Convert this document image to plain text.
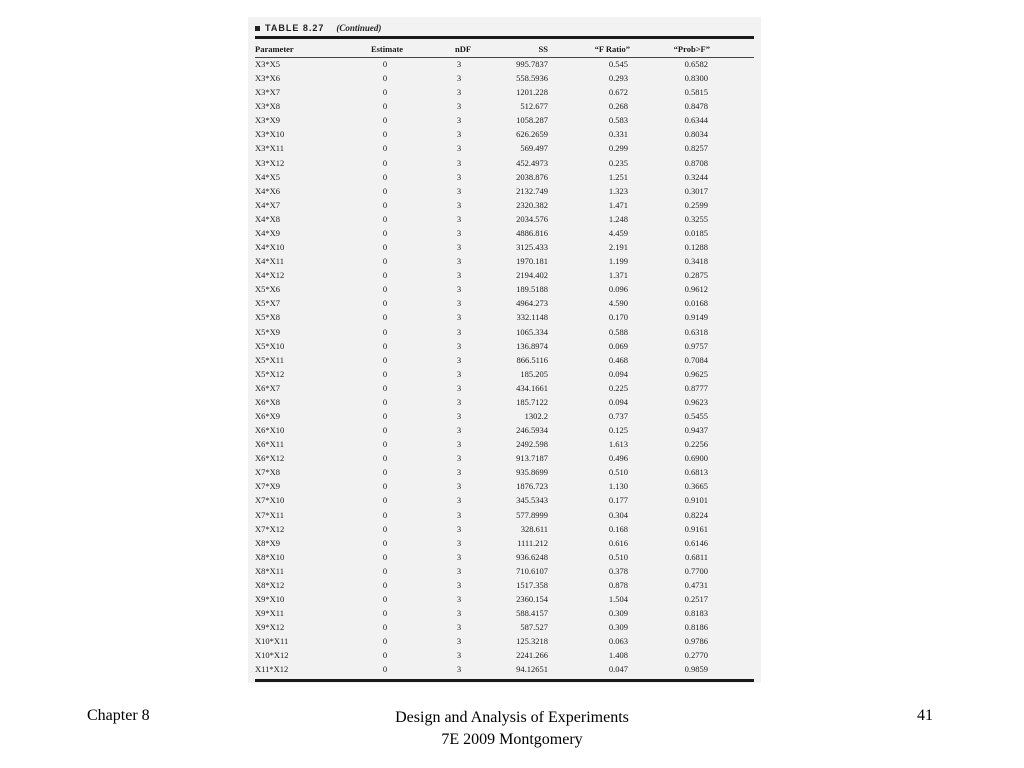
TABLE 8.27 (Continued)
Parameter	Estimate	nDF	SS	“F Ratio”	“Prob>F”
X3*X5	0	3	995.7837	0.545	0.6582
X3*X6	0	3	558.5936	0.293	0.8300
X3*X7	0	3	1201.228	0.672	0.5815
X3*X8	0	3	512.677	0.268	0.8478
X3*X9	0	3	1058.287	0.583	0.6344
X3*X10	0	3	626.2659	0.331	0.8034
X3*X11	0	3	569.497	0.299	0.8257
X3*X12	0	3	452.4973	0.235	0.8708
X4*X5	0	3	2038.876	1.251	0.3244
X4*X6	0	3	2132.749	1.323	0.3017
X4*X7	0	3	2320.382	1.471	0.2599
X4*X8	0	3	2034.576	1.248	0.3255
X4*X9	0	3	4886.816	4.459	0.0185
X4*X10	0	3	3125.433	2.191	0.1288
X4*X11	0	3	1970.181	1.199	0.3418
X4*X12	0	3	2194.402	1.371	0.2875
X5*X6	0	3	189.5188	0.096	0.9612
X5*X7	0	3	4964.273	4.590	0.0168
X5*X8	0	3	332.1148	0.170	0.9149
X5*X9	0	3	1065.334	0.588	0.6318
X5*X10	0	3	136.8974	0.069	0.9757
X5*X11	0	3	866.5116	0.468	0.7084
X5*X12	0	3	185.205	0.094	0.9625
X6*X7	0	3	434.1661	0.225	0.8777
X6*X8	0	3	185.7122	0.094	0.9623
X6*X9	0	3	1302.2	0.737	0.5455
X6*X10	0	3	246.5934	0.125	0.9437
X6*X11	0	3	2492.598	1.613	0.2256
X6*X12	0	3	913.7187	0.496	0.6900
X7*X8	0	3	935.8699	0.510	0.6813
X7*X9	0	3	1876.723	1.130	0.3665
X7*X10	0	3	345.5343	0.177	0.9101
X7*X11	0	3	577.8999	0.304	0.8224
X7*X12	0	3	328.611	0.168	0.9161
X8*X9	0	3	1111.212	0.616	0.6146
X8*X10	0	3	936.6248	0.510	0.6811
X8*X11	0	3	710.6107	0.378	0.7700
X8*X12	0	3	1517.358	0.878	0.4731
X9*X10	0	3	2360.154	1.504	0.2517
X9*X11	0	3	588.4157	0.309	0.8183
X9*X12	0	3	587.527	0.309	0.8186
X10*X11	0	3	125.3218	0.063	0.9786
X10*X12	0	3	2241.266	1.408	0.2770
X11*X12	0	3	94.12651	0.047	0.9859
Chapter 8	Design and Analysis of Experiments
7E 2009 Montgomery
41
